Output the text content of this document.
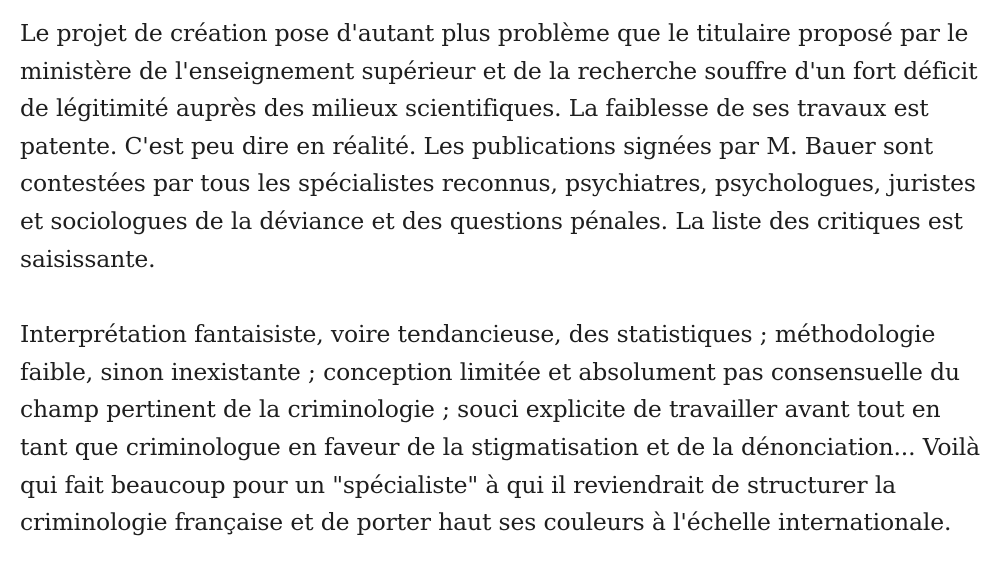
Le projet de création pose d'autant plus problème que le titulaire proposé par le
ministère de l'enseignement supérieur et de la recherche souffre d'un fort déficit
de légitimité auprès des milieux scientifiques. La faiblesse de ses travaux est
patente. C'est peu dire en réalité. Les publications signées par M. Bauer sont
contestées par tous les spécialistes reconnus, psychiatres, psychologues, juristes
et sociologues de la déviance et des questions pénales. La liste des critiques est
saisissante.

Interprétation fantaisiste, voire tendancieuse, des statistiques ; méthodologie
faible, sinon inexistante ; conception limitée et absolument pas consensuelle du
champ pertinent de la criminologie ; souci explicite de travailler avant tout en
tant que criminologue en faveur de la stigmatisation et de la dénonciation... Voilà
qui fait beaucoup pour un "spécialiste" à qui il reviendrait de structurer la
criminologie française et de porter haut ses couleurs à l'échelle internationale.
